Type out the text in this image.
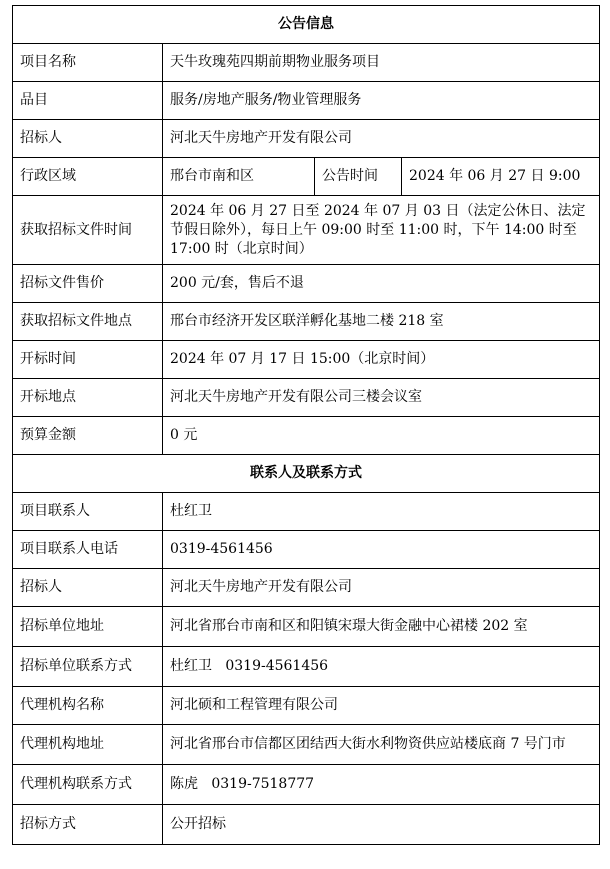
公告信息			
项目名称	天牛玫瑰苑四期前期物业服务项目		
品目	服务/房地产服务/物业管理服务		
招标人	河北天牛房地产开发有限公司		
行政区域	邢台市南和区	公告时间	2024 年 06 月 27 日 9:00
获取招标文件时间	2024 年 06 月 27 日至 2024 年 07 月 03 日（法定公休日、法定节假日除外），每日上午 09:00 时至 11:00 时，下午 14:00 时至 17:00 时（北京时间）		
招标文件售价	200 元/套，售后不退		
获取招标文件地点	邢台市经济开发区联洋孵化基地二楼 218 室		
开标时间	2024 年 07 月 17 日 15:00（北京时间）		
开标地点	河北天牛房地产开发有限公司三楼会议室		
预算金额	0 元		
联系人及联系方式			
项目联系人	杜红卫		
项目联系人电话	0319-4561456		
招标人	河北天牛房地产开发有限公司		
招标单位地址	河北省邢台市南和区和阳镇宋璟大街金融中心裙楼 202 室		
招标单位联系方式	杜红卫   0319-4561456		
代理机构名称	河北硕和工程管理有限公司		
代理机构地址	河北省邢台市信都区团结西大街水利物资供应站楼底商 7 号门市		
代理机构联系方式	陈虎   0319-7518777		
招标方式	公开招标		
